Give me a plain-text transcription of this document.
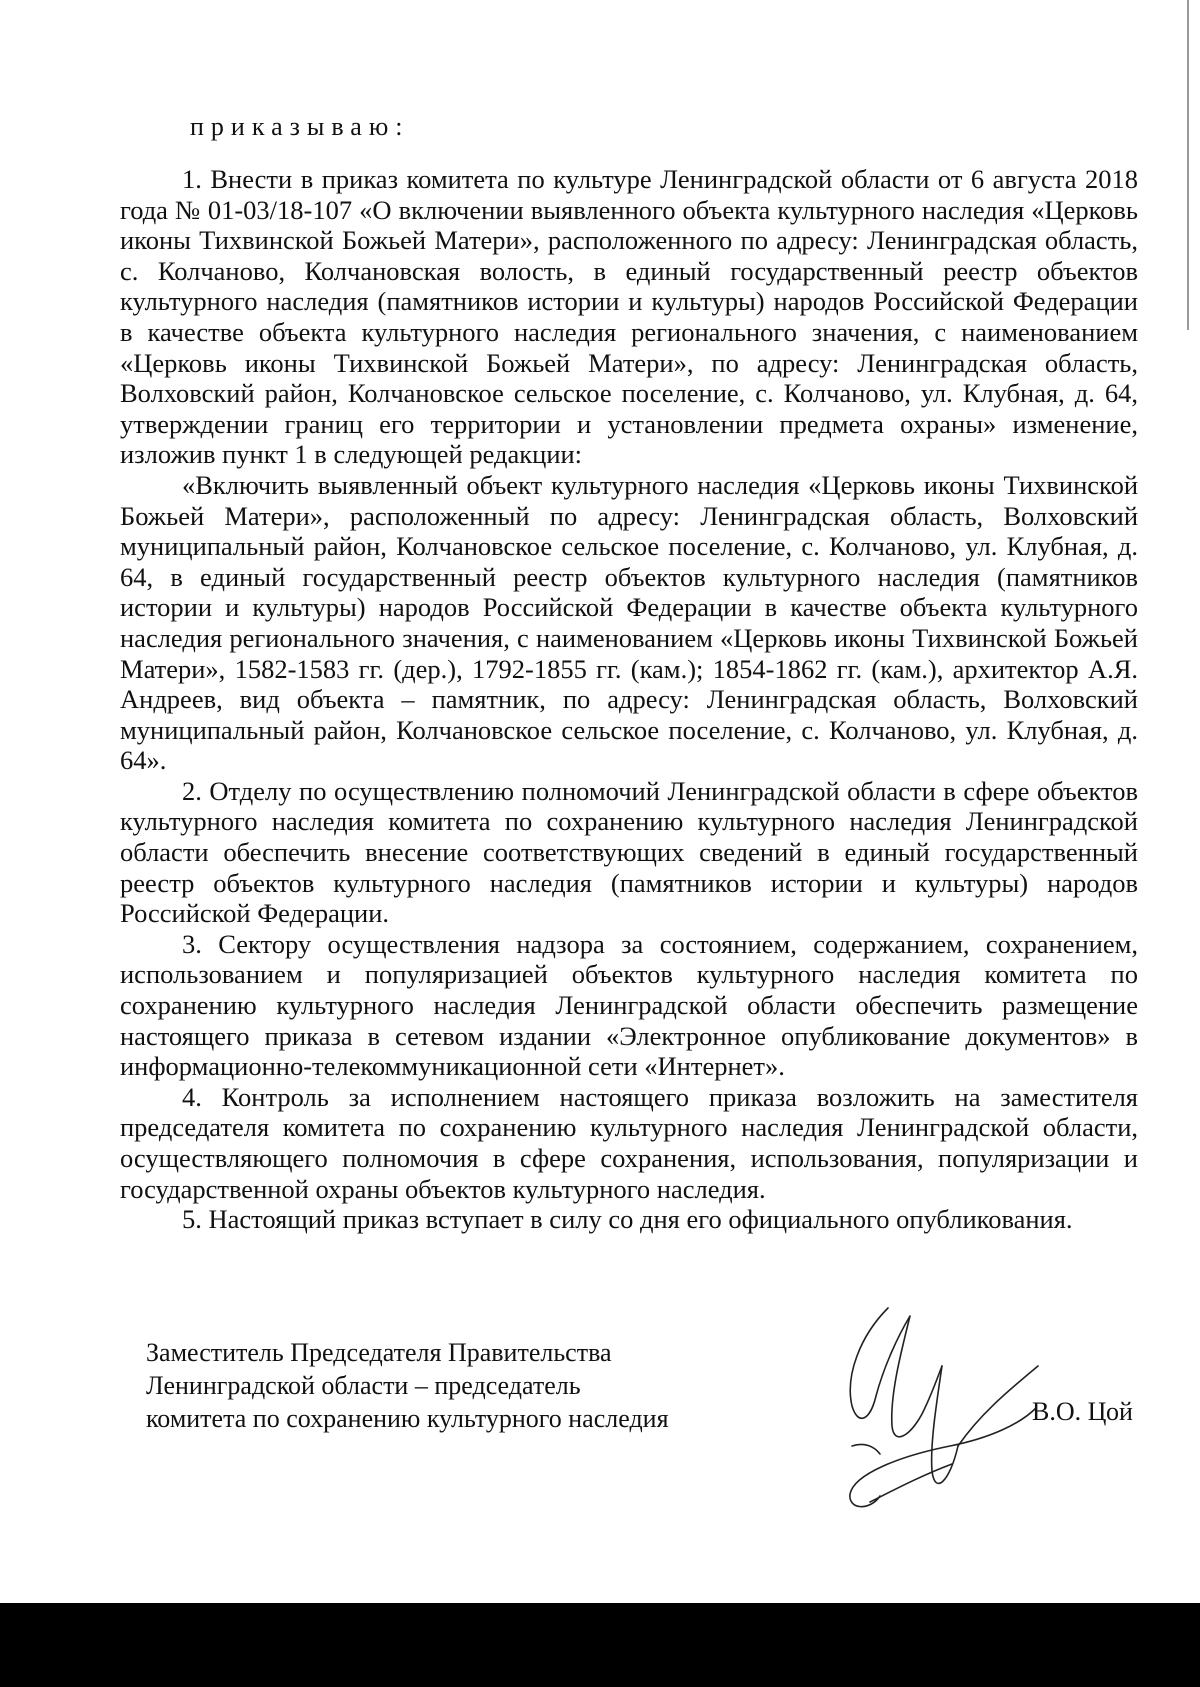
приказываю:

1. Внести в приказ комитета по культуре Ленинградской области от 6 августа 2018 года № 01-03/18-107 «О включении выявленного объекта культурного наследия «Церковь иконы Тихвинской Божьей Матери», расположенного по адресу: Ленинградская область, с. Колчаново, Колчановская волость, в единый государственный реестр объектов культурного наследия (памятников истории и культуры) народов Российской Федерации в качестве объекта культурного наследия регионального значения, с наименованием «Церковь иконы Тихвинской Божьей Матери», по адресу: Ленинградская область, Волховский район, Колчановское сельское поселение, с. Колчаново, ул. Клубная, д. 64, утверждении границ его территории и установлении предмета охраны» изменение, изложив пункт 1 в следующей редакции:

«Включить выявленный объект культурного наследия «Церковь иконы Тихвинской Божьей Матери», расположенный по адресу: Ленинградская область, Волховский муниципальный район, Колчановское сельское поселение, с. Колчаново, ул. Клубная, д. 64, в единый государственный реестр объектов культурного наследия (памятников истории и культуры) народов Российской Федерации в качестве объекта культурного наследия регионального значения, с наименованием «Церковь иконы Тихвинской Божьей Матери», 1582-1583 гг. (дер.), 1792-1855 гг. (кам.); 1854-1862 гг. (кам.), архитектор А.Я. Андреев, вид объекта – памятник, по адресу: Ленинградская область, Волховский муниципальный район, Колчановское сельское поселение, с. Колчаново, ул. Клубная, д. 64».

2. Отделу по осуществлению полномочий Ленинградской области в сфере объектов культурного наследия комитета по сохранению культурного наследия Ленинградской области обеспечить внесение соответствующих сведений в единый государственный реестр объектов культурного наследия (памятников истории и культуры) народов Российской Федерации.

3. Сектору осуществления надзора за состоянием, содержанием, сохранением, использованием и популяризацией объектов культурного наследия комитета по сохранению культурного наследия Ленинградской области обеспечить размещение настоящего приказа в сетевом издании «Электронное опубликование документов» в информационно-телекоммуникационной сети «Интернет».

4. Контроль за исполнением настоящего приказа возложить на заместителя председателя комитета по сохранению культурного наследия Ленинградской области, осуществляющего полномочия в сфере сохранения, использования, популяризации и государственной охраны объектов культурного наследия.

5. Настоящий приказ вступает в силу со дня его официального опубликования.

Заместитель Председателя Правительства
Ленинградской области – председатель
комитета по сохранению культурного наследия	В.О. Цой
